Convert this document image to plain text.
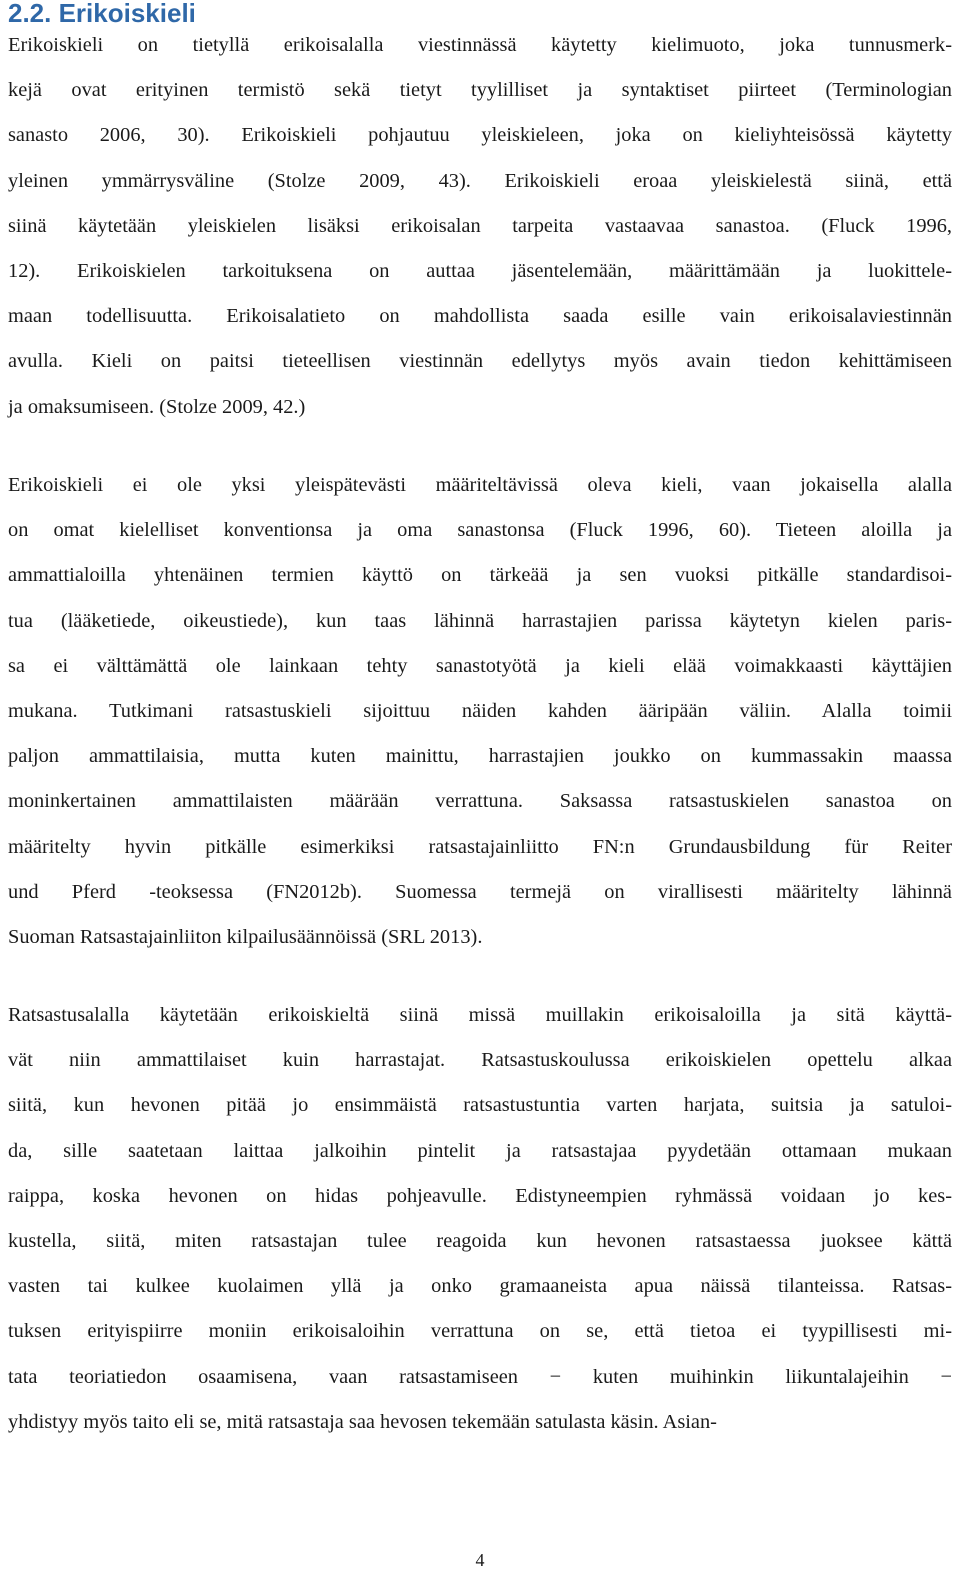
2.2. Erikoiskieli
Erikoiskieli on tietyllä erikoisalalla viestinnässä käytetty kielimuoto, joka tunnusmerk-
kejä ovat erityinen termistö sekä tietyt tyylilliset ja syntaktiset piirteet (Terminologian
sanasto 2006, 30). Erikoiskieli pohjautuu yleiskieleen, joka on kieliyhteisössä käytetty
yleinen ymmärrysväline (Stolze 2009, 43). Erikoiskieli eroaa yleiskielestä siinä, että
siinä käytetään yleiskielen lisäksi erikoisalan tarpeita vastaavaa sanastoa. (Fluck 1996,
12). Erikoiskielen tarkoituksena on auttaa jäsentelemään, määrittämään ja luokittele-
maan todellisuutta. Erikoisalatieto on mahdollista saada esille vain erikoisalaviestinnän
avulla. Kieli on paitsi tieteellisen viestinnän edellytys myös avain tiedon kehittämiseen
ja omaksumiseen. (Stolze 2009, 42.)
Erikoiskieli ei ole yksi yleispätevästi määriteltävissä oleva kieli, vaan jokaisella alalla
on omat kielelliset konventionsa ja oma sanastonsa (Fluck 1996, 60). Tieteen aloilla ja
ammattialoilla yhtenäinen termien käyttö on tärkeää ja sen vuoksi pitkälle standardisoi-
tua (lääketiede, oikeustiede), kun taas lähinnä harrastajien parissa käytetyn kielen paris-
sa ei välttämättä ole lainkaan tehty sanastotyötä ja kieli elää voimakkaasti käyttäjien
mukana. Tutkimani ratsastuskieli sijoittuu näiden kahden ääripään väliin. Alalla toimii
paljon ammattilaisia, mutta kuten mainittu, harrastajien joukko on kummassakin maassa
moninkertainen ammattilaisten määrään verrattuna. Saksassa ratsastuskielen sanastoa on
määritelty hyvin pitkälle esimerkiksi ratsastajainliitto FN:n Grundausbildung für Reiter
und Pferd -teoksessa (FN2012b). Suomessa termejä on virallisesti määritelty lähinnä
Suoman Ratsastajainliiton kilpailusäännöissä (SRL 2013).
Ratsastusalalla käytetään erikoiskieltä siinä missä muillakin erikoisaloilla ja sitä käyttä-
vät niin ammattilaiset kuin harrastajat. Ratsastuskoulussa erikoiskielen opettelu alkaa
siitä, kun hevonen pitää jo ensimmäistä ratsastustuntia varten harjata, suitsia ja satuloi-
da, sille saatetaan laittaa jalkoihin pintelit ja ratsastajaa pyydetään ottamaan mukaan
raippa, koska hevonen on hidas pohjeavulle. Edistyneempien ryhmässä voidaan jo kes-
kustella, siitä, miten ratsastajan tulee reagoida kun hevonen ratsastaessa juoksee kättä
vasten tai kulkee kuolaimen yllä ja onko gramaaneista apua näissä tilanteissa. Ratsas-
tuksen erityispiirre moniin erikoisaloihin verrattuna on se, että tietoa ei tyypillisesti mi-
tata teoriatiedon osaamisena, vaan ratsastamiseen − kuten muihinkin liikuntalajeihin −
yhdistyy myös taito eli se, mitä ratsastaja saa hevosen tekemään satulasta käsin. Asian-
4
